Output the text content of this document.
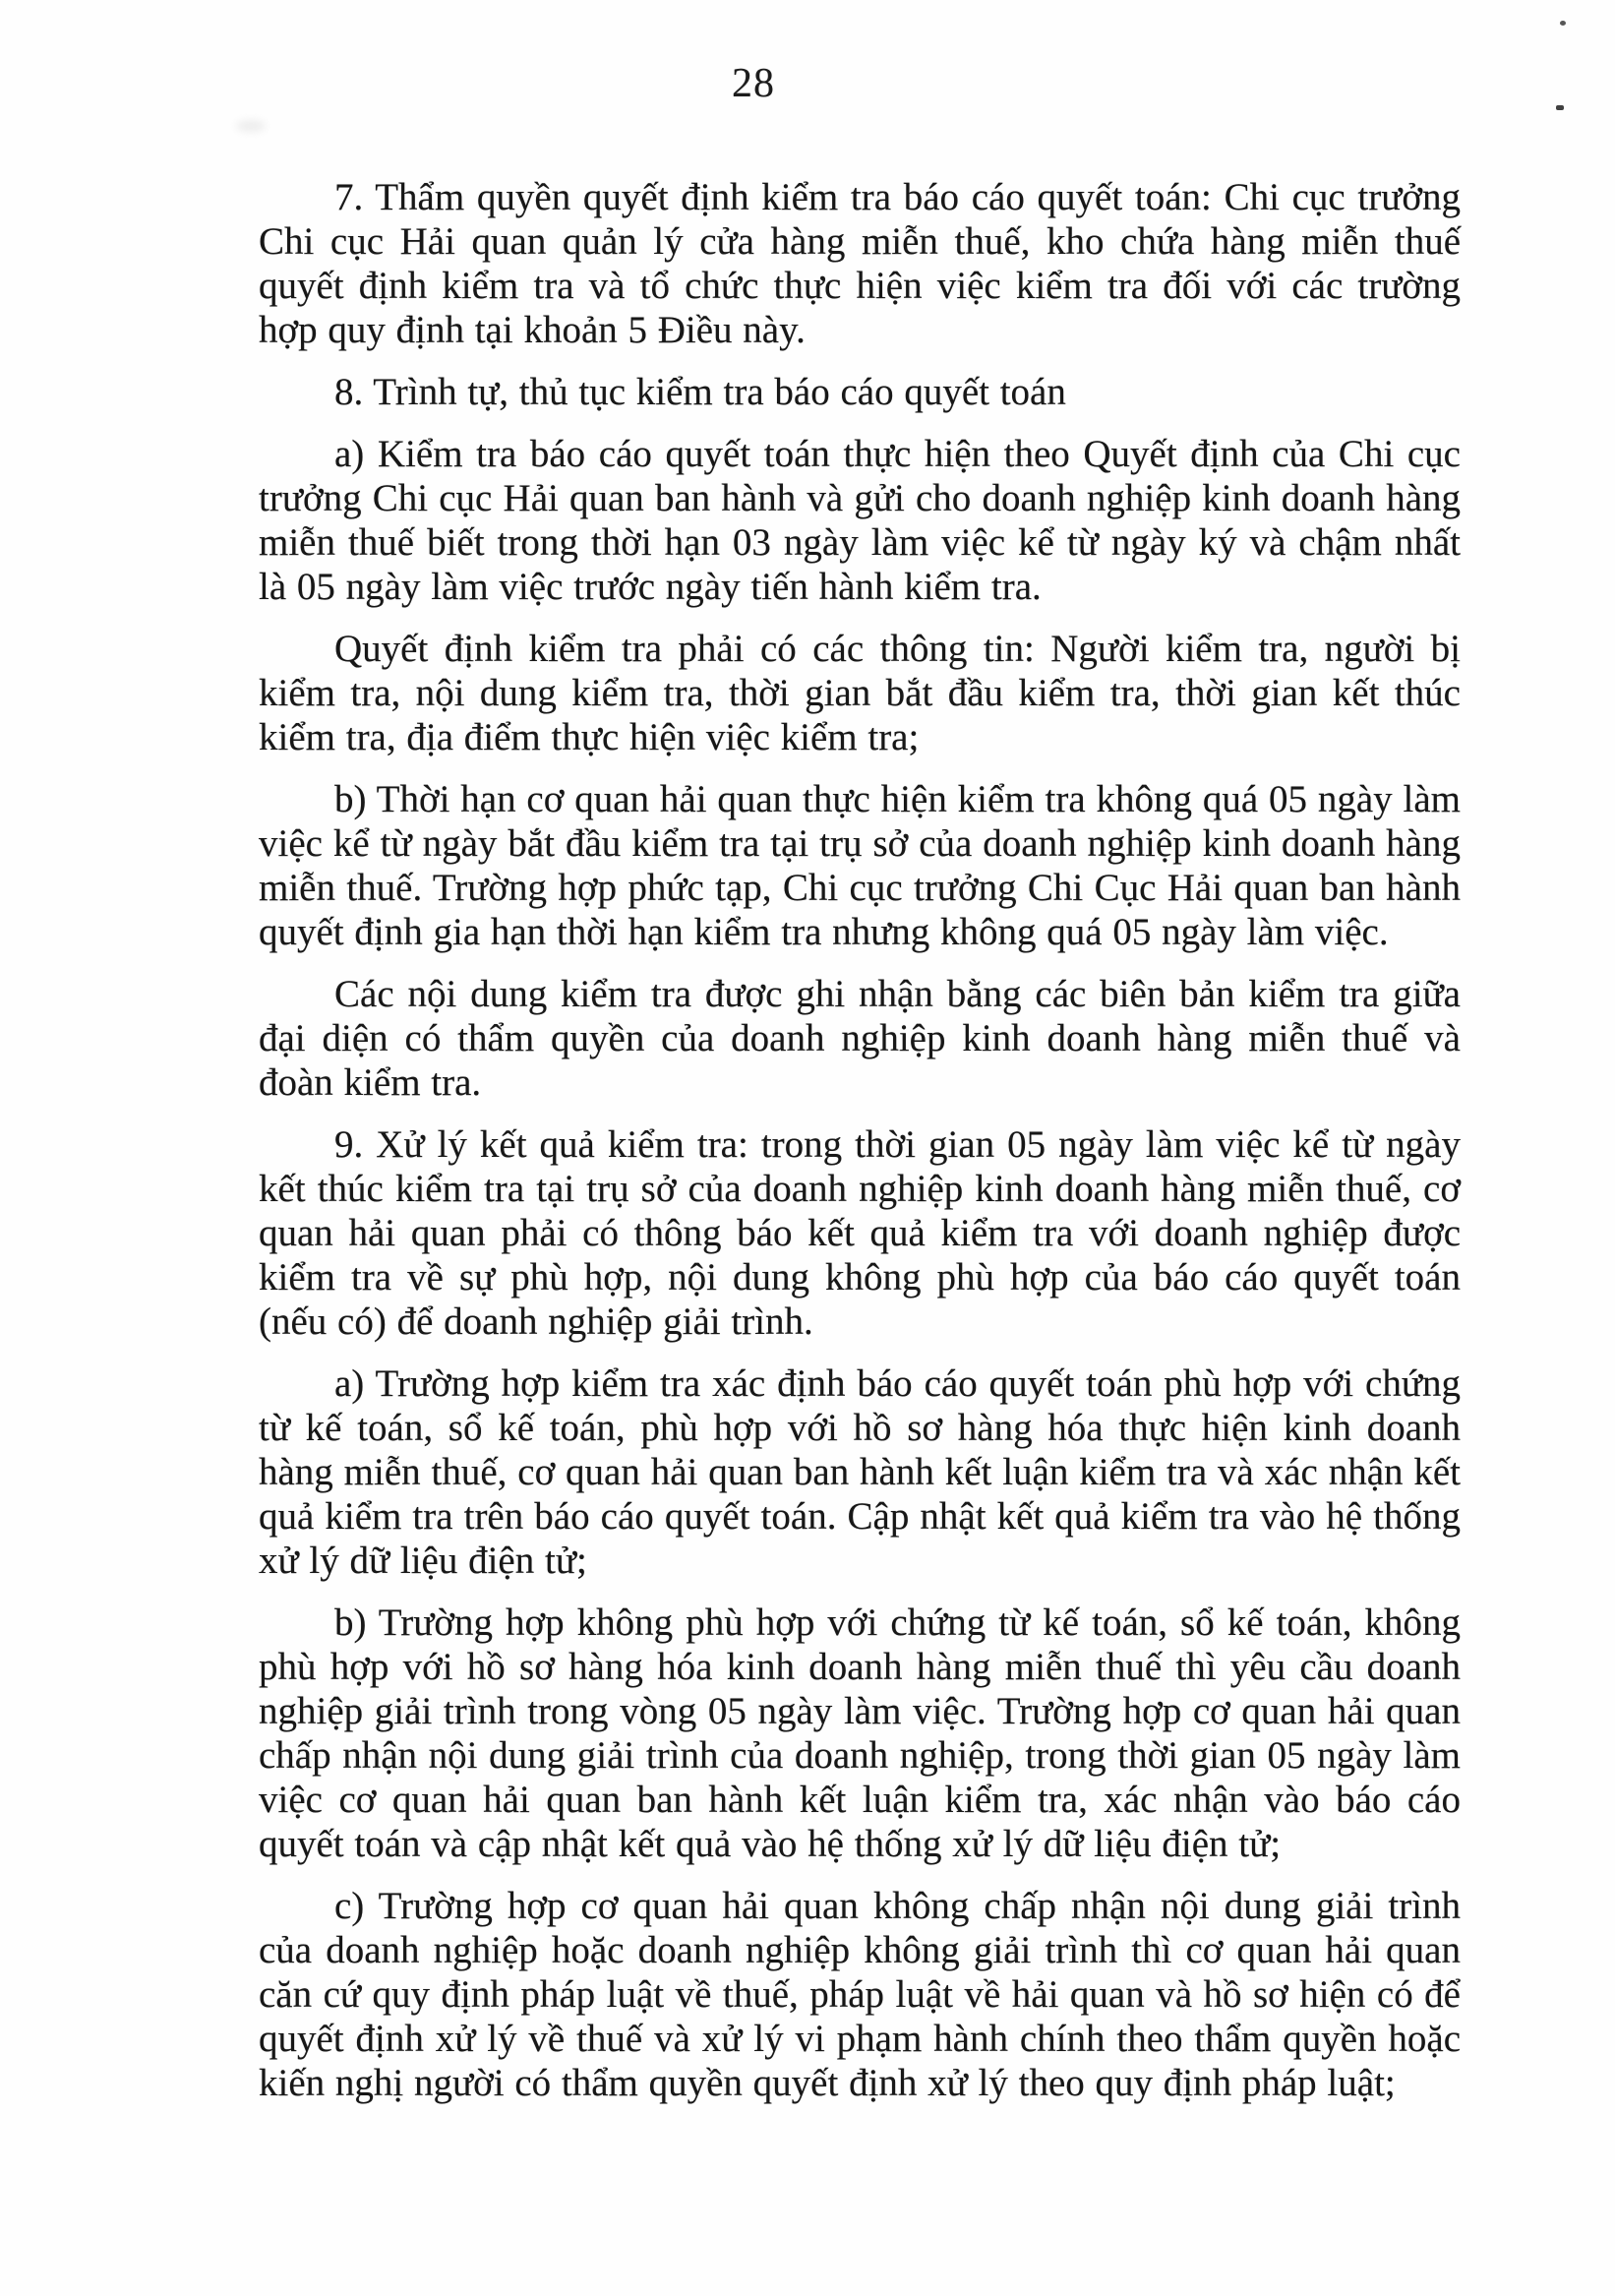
28

7. Thẩm quyền quyết định kiểm tra báo cáo quyết toán: Chi cục trưởng Chi cục Hải quan quản lý cửa hàng miễn thuế, kho chứa hàng miễn thuế quyết định kiểm tra và tổ chức thực hiện việc kiểm tra đối với các trường hợp quy định tại khoản 5 Điều này.

8. Trình tự, thủ tục kiểm tra báo cáo quyết toán

a) Kiểm tra báo cáo quyết toán thực hiện theo Quyết định của Chi cục trưởng Chi cục Hải quan ban hành và gửi cho doanh nghiệp kinh doanh hàng miễn thuế biết trong thời hạn 03 ngày làm việc kể từ ngày ký và chậm nhất là 05 ngày làm việc trước ngày tiến hành kiểm tra.

Quyết định kiểm tra phải có các thông tin: Người kiểm tra, người bị kiểm tra, nội dung kiểm tra, thời gian bắt đầu kiểm tra, thời gian kết thúc kiểm tra, địa điểm thực hiện việc kiểm tra;

b) Thời hạn cơ quan hải quan thực hiện kiểm tra không quá 05 ngày làm việc kể từ ngày bắt đầu kiểm tra tại trụ sở của doanh nghiệp kinh doanh hàng miễn thuế. Trường hợp phức tạp, Chi cục trưởng Chi Cục Hải quan ban hành quyết định gia hạn thời hạn kiểm tra nhưng không quá 05 ngày làm việc.

Các nội dung kiểm tra được ghi nhận bằng các biên bản kiểm tra giữa đại diện có thẩm quyền của doanh nghiệp kinh doanh hàng miễn thuế và đoàn kiểm tra.

9. Xử lý kết quả kiểm tra: trong thời gian 05 ngày làm việc kể từ ngày kết thúc kiểm tra tại trụ sở của doanh nghiệp kinh doanh hàng miễn thuế, cơ quan hải quan phải có thông báo kết quả kiểm tra với doanh nghiệp được kiểm tra về sự phù hợp, nội dung không phù hợp của báo cáo quyết toán (nếu có) để doanh nghiệp giải trình.

a) Trường hợp kiểm tra xác định báo cáo quyết toán phù hợp với chứng từ kế toán, sổ kế toán, phù hợp với hồ sơ hàng hóa thực hiện kinh doanh hàng miễn thuế, cơ quan hải quan ban hành kết luận kiểm tra và xác nhận kết quả kiểm tra trên báo cáo quyết toán. Cập nhật kết quả kiểm tra vào hệ thống xử lý dữ liệu điện tử;

b) Trường hợp không phù hợp với chứng từ kế toán, sổ kế toán, không phù hợp với hồ sơ hàng hóa kinh doanh hàng miễn thuế thì yêu cầu doanh nghiệp giải trình trong vòng 05 ngày làm việc. Trường hợp cơ quan hải quan chấp nhận nội dung giải trình của doanh nghiệp, trong thời gian 05 ngày làm việc cơ quan hải quan ban hành kết luận kiểm tra, xác nhận vào báo cáo quyết toán và cập nhật kết quả vào hệ thống xử lý dữ liệu điện tử;

c) Trường hợp cơ quan hải quan không chấp nhận nội dung giải trình của doanh nghiệp hoặc doanh nghiệp không giải trình thì cơ quan hải quan căn cứ quy định pháp luật về thuế, pháp luật về hải quan và hồ sơ hiện có để quyết định xử lý về thuế và xử lý vi phạm hành chính theo thẩm quyền hoặc kiến nghị người có thẩm quyền quyết định xử lý theo quy định pháp luật;
